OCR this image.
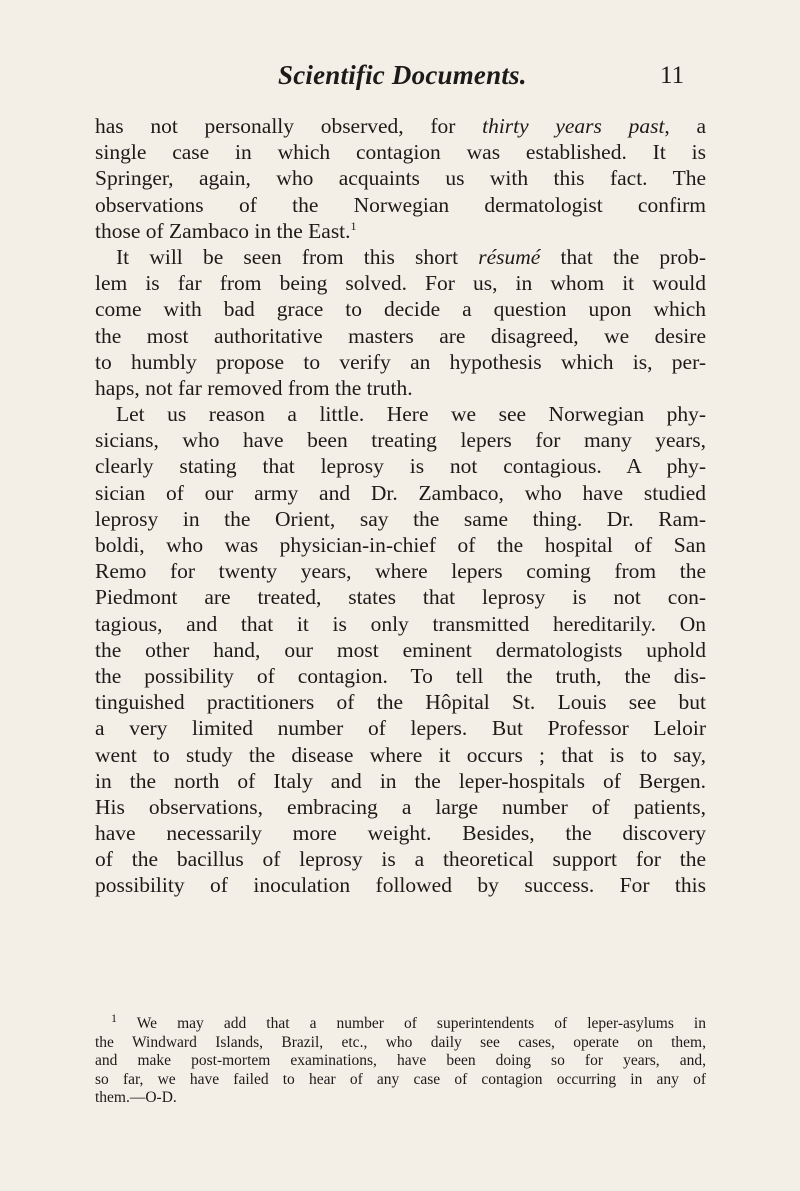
Scientific Documents.	11
has not personally observed, for thirty years past, a
single case in which contagion was established. It is
Springer, again, who acquaints us with this fact. The
observations of the Norwegian dermatologist confirm
those of Zambaco in the East.$^1$
It will be seen from this short résumé that the prob-
lem is far from being solved. For us, in whom it would
come with bad grace to decide a question upon which
the most authoritative masters are disagreed, we desire
to humbly propose to verify an hypothesis which is, per-
haps, not far removed from the truth.
Let us reason a little. Here we see Norwegian phy-
sicians, who have been treating lepers for many years,
clearly stating that leprosy is not contagious. A phy-
sician of our army and Dr. Zambaco, who have studied
leprosy in the Orient, say the same thing. Dr. Ram-
boldi, who was physician-in-chief of the hospital of San
Remo for twenty years, where lepers coming from the
Piedmont are treated, states that leprosy is not con-
tagious, and that it is only transmitted hereditarily. On
the other hand, our most eminent dermatologists uphold
the possibility of contagion. To tell the truth, the dis-
tinguished practitioners of the Hôpital St. Louis see but
a very limited number of lepers. But Professor Leloir
went to study the disease where it occurs ; that is to say,
in the north of Italy and in the leper-hospitals of Bergen.
His observations, embracing a large number of patients,
have necessarily more weight. Besides, the discovery
of the bacillus of leprosy is a theoretical support for the
possibility of inoculation followed by success. For this
$^1$ We may add that a number of superintendents of leper-asylums in
the Windward Islands, Brazil, etc., who daily see cases, operate on them,
and make post-mortem examinations, have been doing so for years, and,
so far, we have failed to hear of any case of contagion occurring in any of
them.—O-D.
